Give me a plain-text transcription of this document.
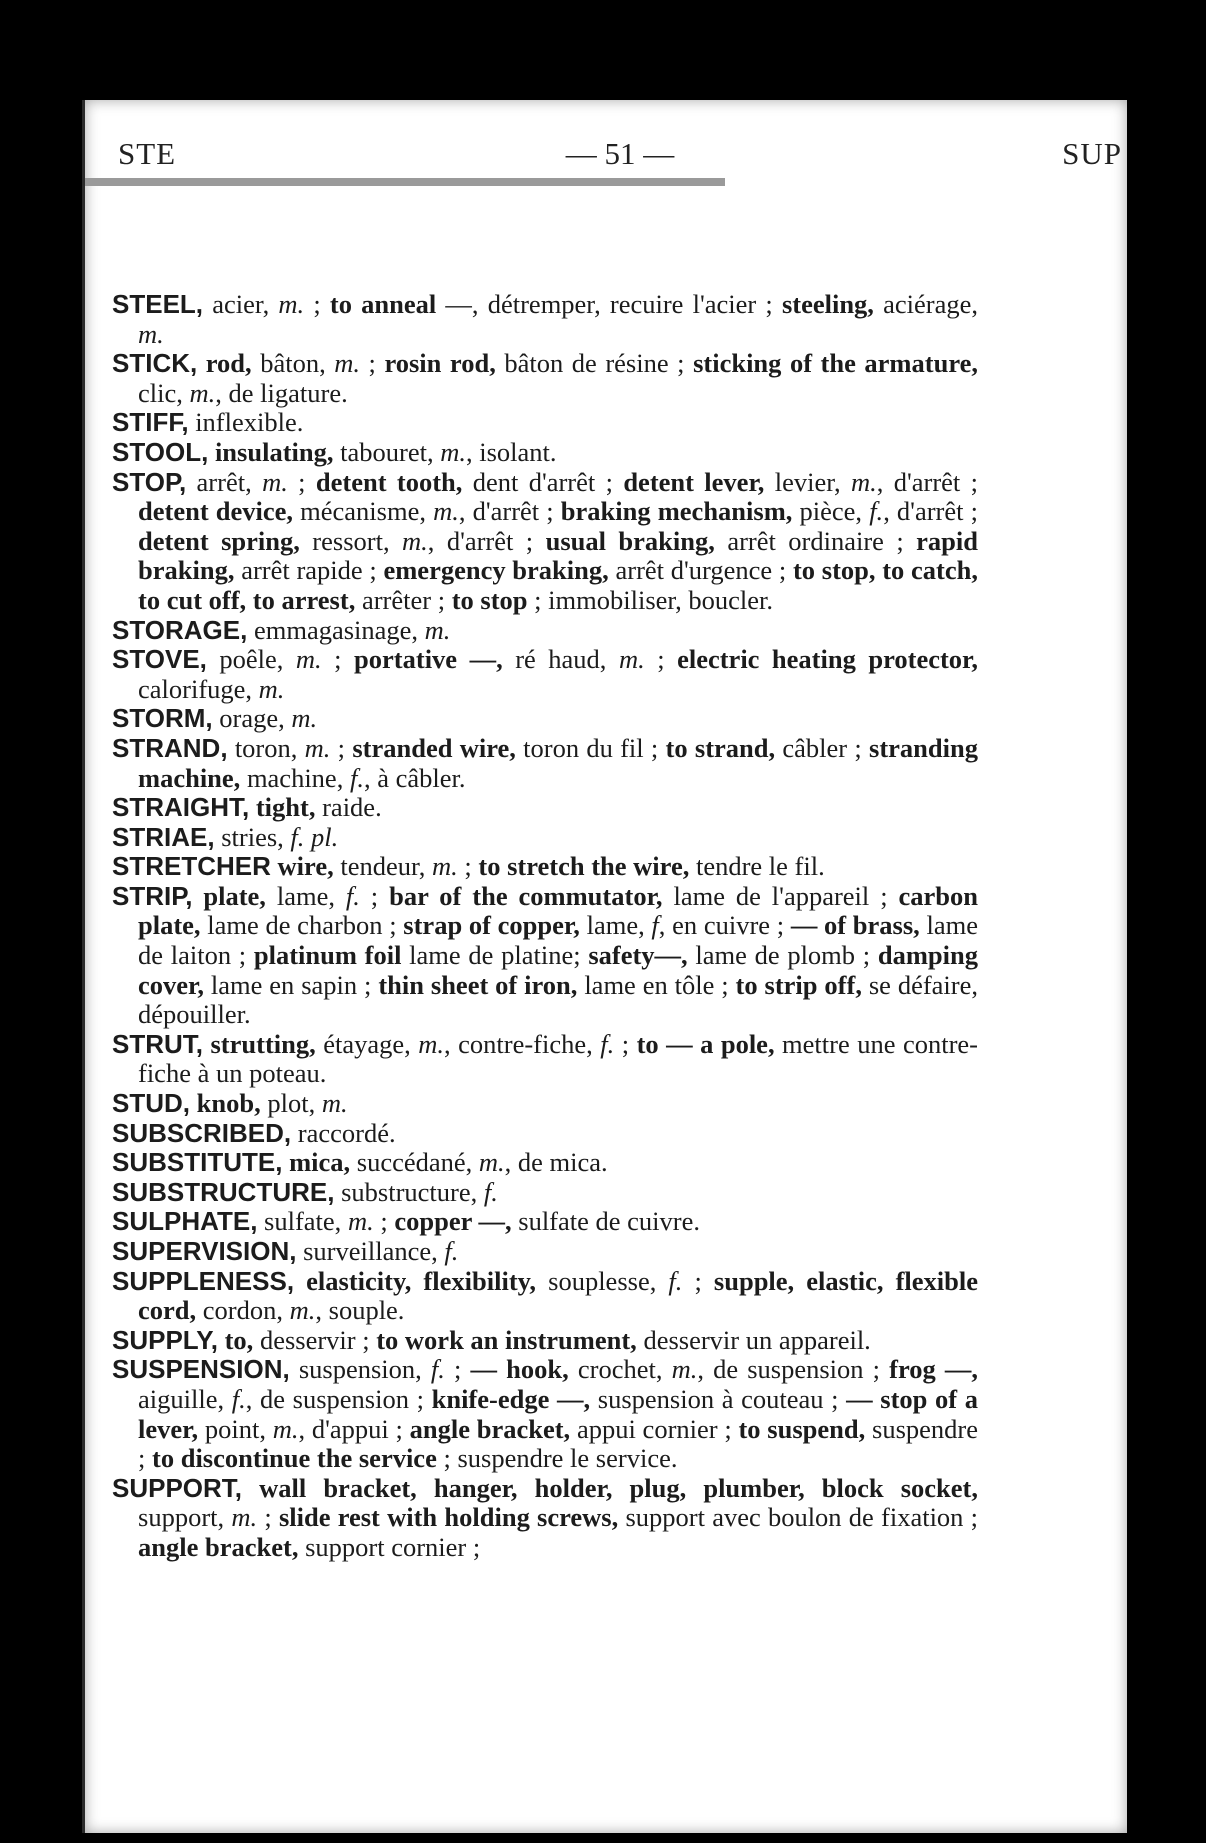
STE	— 51 —	SUP
STEEL, acier, m. ; to anneal —, détremper, recuire l'acier ; steeling, aciérage, m.
STICK, rod, bâton, m. ; rosin rod, bâton de résine ; sticking of the armature, clic, m., de ligature.
STIFF, inflexible.
STOOL, insulating, tabouret, m., isolant.
STOP, arrêt, m. ; detent tooth, dent d'arrêt ; detent lever, levier, m., d'arrêt ; detent device, mécanisme, m., d'arrêt ; braking mechanism, pièce, f., d'arrêt ; detent spring, ressort, m., d'arrêt ; usual braking, arrêt ordinaire ; rapid braking, arrêt rapide ; emergency braking, arrêt d'urgence ; to stop, to catch, to cut off, to arrest, arrêter ; to stop ; immobiliser, boucler.
STORAGE, emmagasinage, m.
STOVE, poêle, m. ; portative —, ré haud, m. ; electric heating protector, calorifuge, m.
STORM, orage, m.
STRAND, toron, m. ; stranded wire, toron du fil ; to strand, câbler ; stranding machine, machine, f., à câbler.
STRAIGHT, tight, raide.
STRIAE, stries, f. pl.
STRETCHER wire, tendeur, m. ; to stretch the wire, tendre le fil.
STRIP, plate, lame, f. ; bar of the commutator, lame de l'appareil ; carbon plate, lame de charbon ; strap of copper, lame, f, en cuivre ; — of brass, lame de laiton ; platinum foil lame de platine; safety—, lame de plomb ; damping cover, lame en sapin ; thin sheet of iron, lame en tôle ; to strip off, se défaire, dépouiller.
STRUT, strutting, étayage, m., contre-fiche, f. ; to — a pole, mettre une contre-fiche à un poteau.
STUD, knob, plot, m.
SUBSCRIBED, raccordé.
SUBSTITUTE, mica, succédané, m., de mica.
SUBSTRUCTURE, substructure, f.
SULPHATE, sulfate, m. ; copper —, sulfate de cuivre.
SUPERVISION, surveillance, f.
SUPPLENESS, elasticity, flexibility, souplesse, f. ; supple, elastic, flexible cord, cordon, m., souple.
SUPPLY, to, desservir ; to work an instrument, desservir un appareil.
SUSPENSION, suspension, f. ; — hook, crochet, m., de suspension ; frog —, aiguille, f., de suspension ; knife-edge —, suspension à couteau ; — stop of a lever, point, m., d'appui ; angle bracket, appui cornier ; to suspend, suspendre ; to discontinue the service ; suspendre le service.
SUPPORT, wall bracket, hanger, holder, plug, plumber, block socket, support, m. ; slide rest with holding screws, support avec boulon de fixation ; angle bracket, support cornier ;
